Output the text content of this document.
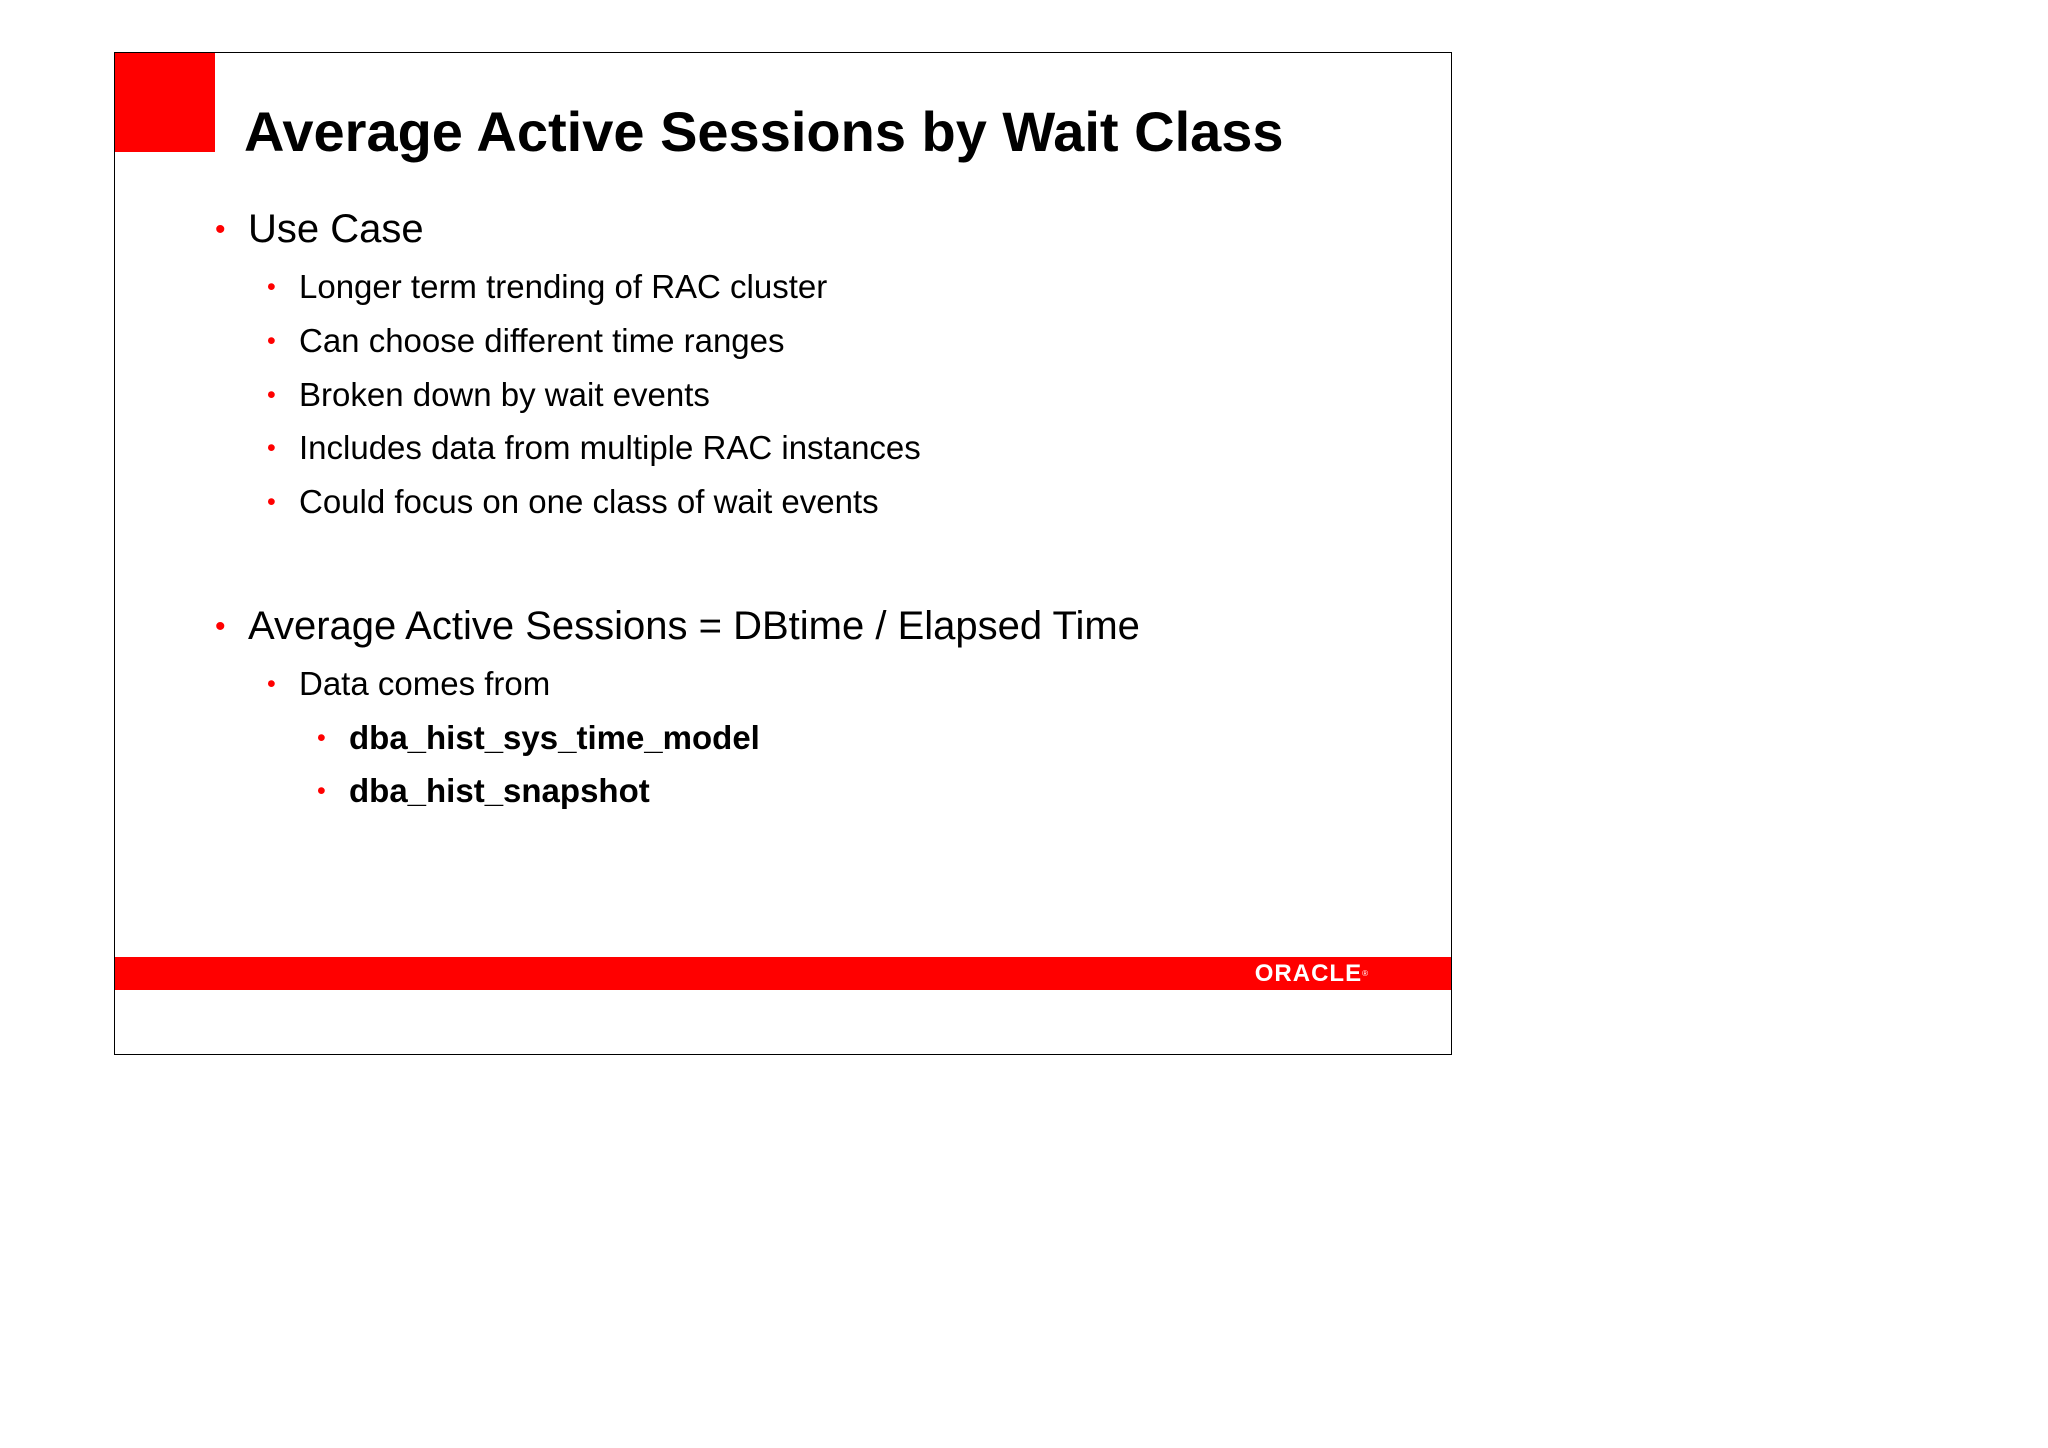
Average Active Sessions by Wait Class
• Use Case
• Longer term trending of RAC cluster
• Can choose different time ranges
• Broken down by wait events
• Includes data from multiple RAC instances
• Could focus on one class of wait events
• Average Active Sessions = DBtime / Elapsed Time
• Data comes from
• dba_hist_sys_time_model
• dba_hist_snapshot
ORACLE®
